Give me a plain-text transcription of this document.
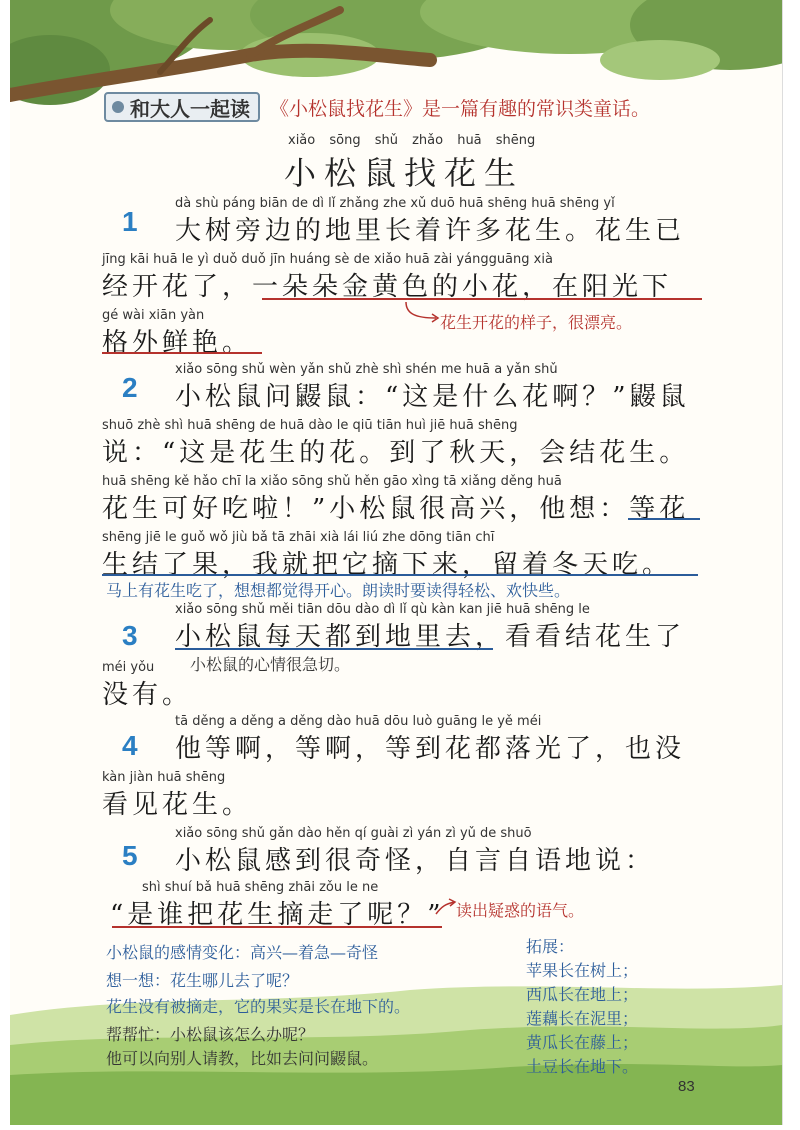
和大人一起读 《小松鼠找花生》是一篇有趣的常识类童话。
xiǎo sōng shǔ zhǎo huā shēng
小松鼠找花生
1
dà shù páng biān de dì lǐ zhǎng zhe xǔ duō huā shēng huā shēng yǐ
大树旁边的地里长着许多花生。花生已
jīng kāi huā le yì duǒ duǒ jīn huáng sè de xiǎo huā zài yángguāng xià
经开花了，一朵朵金黄色的小花，在阳光下
gé wài xiān yàn
格外鲜艳。
花生开花的样子，很漂亮。
2
xiǎo sōng shǔ wèn yǎn shǔ zhè shì shén me huā a yǎn shǔ
小松鼠问鼹鼠：“这是什么花啊？”鼹鼠
shuō zhè shì huā shēng de huā dào le qiū tiān huì jiē huā shēng
说：“这是花生的花。到了秋天，会结花生。
huā shēng kě hǎo chī la xiǎo sōng shǔ hěn gāo xìng tā xiǎng děng huā
花生可好吃啦！”小松鼠很高兴，他想：等花
shēng jiē le guǒ wǒ jiù bǎ tā zhāi xià lái liú zhe dōng tiān chī
生结了果，我就把它摘下来，留着冬天吃。
马上有花生吃了，想想都觉得开心。朗读时要读得轻松、欢快些。
3
xiǎo sōng shǔ měi tiān dōu dào dì lǐ qù kàn kan jiē huā shēng le
小松鼠每天都到地里去，看看结花生了
小松鼠的心情很急切。
méi yǒu
没有。
4
tā děng a děng a děng dào huā dōu luò guāng le yě méi
他等啊，等啊，等到花都落光了，也没
kàn jiàn huā shēng
看见花生。
5
xiǎo sōng shǔ gǎn dào hěn qí guài zì yán zì yǔ de shuō
小松鼠感到很奇怪，自言自语地说：
shì shuí bǎ huā shēng zhāi zǒu le ne
“是谁把花生摘走了呢？” 读出疑惑的语气。
小松鼠的感情变化：高兴—着急—奇怪
想一想：花生哪儿去了呢？
花生没有被摘走，它的果实是长在地下的。
帮帮忙：小松鼠该怎么办呢？
他可以向别人请教，比如去问问鼹鼠。
拓展：
苹果长在树上；
西瓜长在地上；
莲藕长在泥里；
黄瓜长在藤上；
土豆长在地下。
83
